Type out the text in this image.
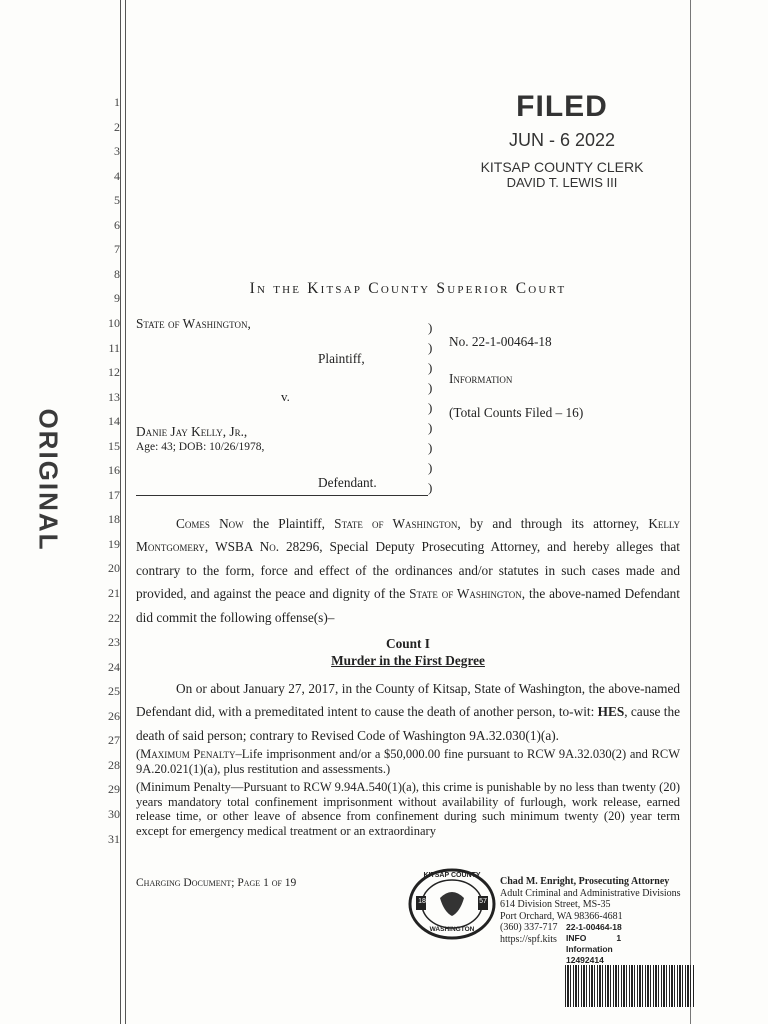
ORIGINAL
1
2
3
4
5
6
7
8
9
10
11
12
13
14
15
16
17
18
19
20
21
22
23
24
25
26
27
28
29
30
31
FILED
JUN - 6 2022
KITSAP COUNTY CLERK
DAVID T. LEWIS III
In the Kitsap County Superior Court
State of Washington,
Plaintiff,
v.
Danie Jay Kelly, Jr.,
Age: 43; DOB: 10/26/1978,
Defendant.
)
)
)
)
)
)
)
)
)
No. 22-1-00464-18
Information
(Total Counts Filed – 16)
Comes Now the Plaintiff, State of Washington, by and through its attorney, Kelly Montgomery, WSBA No. 28296, Special Deputy Prosecuting Attorney, and hereby alleges that contrary to the form, force and effect of the ordinances and/or statutes in such cases made and provided, and against the peace and dignity of the State of Washington, the above-named Defendant did commit the following offense(s)–
Count I
Murder in the First Degree
On or about January 27, 2017, in the County of Kitsap, State of Washington, the above-named Defendant did, with a premeditated intent to cause the death of another person, to-wit: HES, cause the death of said person; contrary to Revised Code of Washington 9A.32.030(1)(a).
(Maximum Penalty–Life imprisonment and/or a $50,000.00 fine pursuant to RCW 9A.32.030(2) and RCW 9A.20.021(1)(a), plus restitution and assessments.)
(Minimum Penalty—Pursuant to RCW 9.94A.540(1)(a), this crime is punishable by no less than twenty (20) years mandatory total confinement imprisonment without availability of furlough, work release, earned release time, or other leave of absence from confinement during such minimum twenty (20) year term except for emergency medical treatment or an extraordinary
Charging Document; Page 1 of 19
KITSAP COUNTY
WASHINGTON
18	57
Chad M. Enright, Prosecuting Attorney
Adult Criminal and Administrative Divisions
614 Division Street, MS-35
Port Orchard, WA 98366-4681
(360) 337-717
https://spf.kits
22-1-00464-18
INFO	1
Information
12492414
